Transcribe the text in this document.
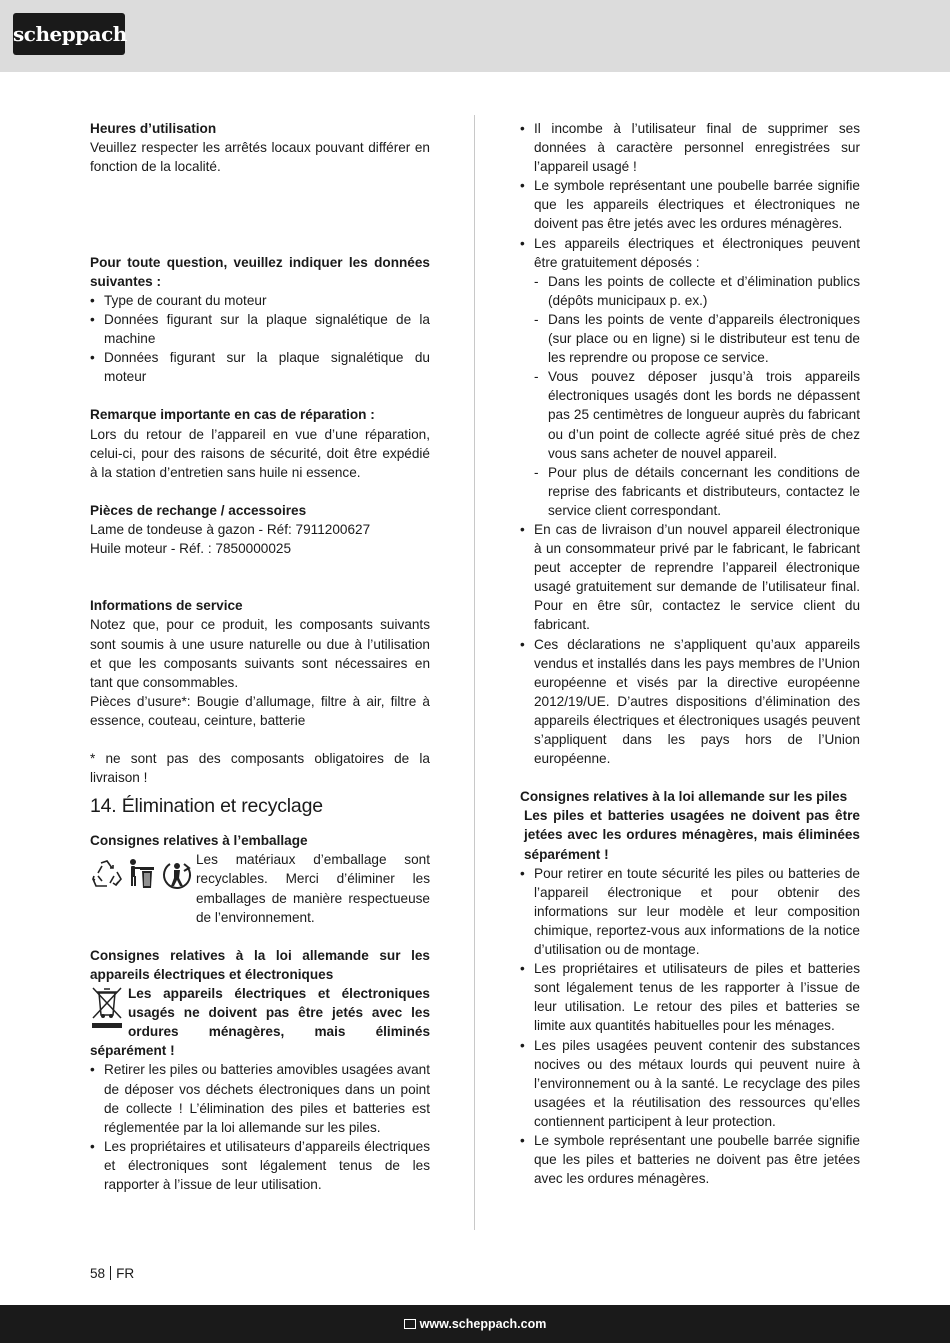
scheppach

Heures d’utilisation

Veuillez respecter les arrêtés locaux pouvant différer en fonction de la localité.

Pour toute question, veuillez indiquer les données suivantes :

• Type de courant du moteur
• Données figurant sur la plaque signalétique de la machine
• Données figurant sur la plaque signalétique du moteur

Remarque importante en cas de réparation :

Lors du retour de l’appareil en vue d’une réparation, celui-ci, pour des raisons de sécurité, doit être expédié à la station d’entretien sans huile ni essence.

Pièces de rechange / accessoires

Lame de tondeuse à gazon - Réf: 7911200627

Huile moteur - Réf. : 7850000025

Informations de service

Notez que, pour ce produit, les composants suivants sont soumis à une usure naturelle ou due à l’utilisation et que les composants suivants sont nécessaires en tant que consommables.

Pièces d’usure*: Bougie d’allumage, filtre à air, filtre à essence, couteau, ceinture, batterie

* ne sont pas des composants obligatoires de la livraison !

14. Élimination et recyclage

Consignes relatives à l’emballage

Les matériaux d’emballage sont recyclables. Merci d’éliminer les emballages de manière respectueuse de l’environnement.

Consignes relatives à la loi allemande sur les appareils électriques et électroniques

Les appareils électriques et électroniques usagés ne doivent pas être jetés avec les ordures ménagères, mais éliminés séparément !

• Retirer les piles ou batteries amovibles usagées avant de déposer vos déchets électroniques dans un point de collecte ! L’élimination des piles et batteries est réglementée par la loi allemande sur les piles.
• Les propriétaires et utilisateurs d’appareils électriques et électroniques sont légalement tenus de les rapporter à l’issue de leur utilisation.
• Il incombe à l’utilisateur final de supprimer ses données à caractère personnel enregistrées sur l’appareil usagé !
• Le symbole représentant une poubelle barrée signifie que les appareils électriques et électroniques ne doivent pas être jetés avec les ordures ménagères.
• Les appareils électriques et électroniques peuvent être gratuitement déposés :
- Dans les points de collecte et d’élimination publics (dépôts municipaux p. ex.)
- Dans les points de vente d’appareils électroniques (sur place ou en ligne) si le distributeur est tenu de les reprendre ou propose ce service.
- Vous pouvez déposer jusqu’à trois appareils électroniques usagés dont les bords ne dépassent pas 25 centimètres de longueur auprès du fabricant ou d’un point de collecte agréé situé près de chez vous sans acheter de nouvel appareil.
- Pour plus de détails concernant les conditions de reprise des fabricants et distributeurs, contactez le service client correspondant.
• En cas de livraison d’un nouvel appareil électronique à un consommateur privé par le fabricant, le fabricant peut accepter de reprendre l’appareil électronique usagé gratuitement sur demande de l’utilisateur final. Pour en être sûr, contactez le service client du fabricant.
• Ces déclarations ne s’appliquent qu’aux appareils vendus et installés dans les pays membres de l’Union européenne et visés par la directive européenne 2012/19/UE. D’autres dispositions d’élimination des appareils électriques et électroniques usagés peuvent s’appliquent dans les pays hors de l’Union européenne.

Consignes relatives à la loi allemande sur les piles

Les piles et batteries usagées ne doivent pas être jetées avec les ordures ménagères, mais éliminées séparément !

• Pour retirer en toute sécurité les piles ou batteries de l’appareil électronique et pour obtenir des informations sur leur modèle et leur composition chimique, reportez-vous aux informations de la notice d’utilisation ou de montage.
• Les propriétaires et utilisateurs de piles et batteries sont légalement tenus de les rapporter à l’issue de leur utilisation. Le retour des piles et batteries se limite aux quantités habituelles pour les ménages.
• Les piles usagées peuvent contenir des substances nocives ou des métaux lourds qui peuvent nuire à l’environnement ou à la santé. Le recyclage des piles usagées et la réutilisation des ressources qu’elles contiennent participent à leur protection.
• Le symbole représentant une poubelle barrée signifie que les piles et batteries ne doivent pas être jetées avec les ordures ménagères.
58 FR
www.scheppach.com
